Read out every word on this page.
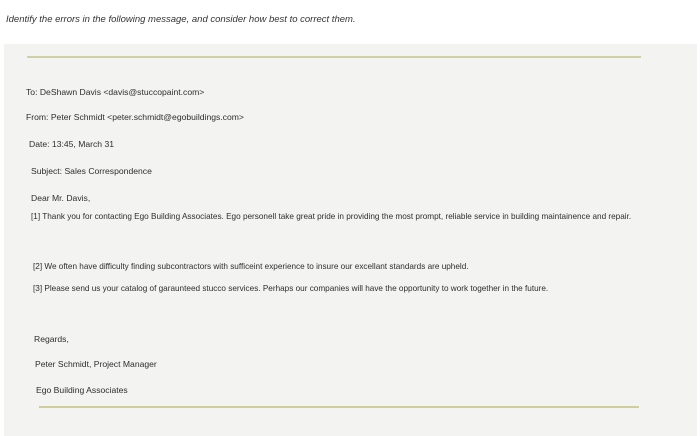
Identify the errors in the following message, and consider how best to correct them.
To: DeShawn Davis <davis@stuccopaint.com>
From: Peter Schmidt <peter.schmidt@egobuildings.com>
Date: 13:45, March 31
Subject: Sales Correspondence
Dear Mr. Davis,
[1] Thank you for contacting Ego Building Associates. Ego personell take great pride in providing the most prompt, reliable service in building maintainence and repair.
[2] We often have difficulty finding subcontractors with sufficeint experience to insure our excellant standards are upheld.
[3] Please send us your catalog of garaunteed stucco services. Perhaps our companies will have the opportunity to work together in the future.
Regards,
Peter Schmidt, Project Manager
Ego Building Associates
